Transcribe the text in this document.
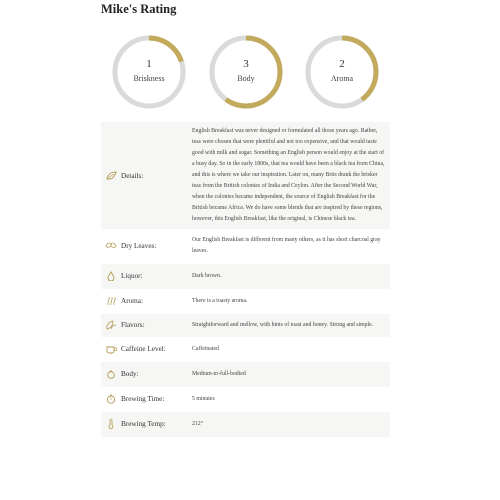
Mike's Rating
1
Briskness
3
Body
2
Aroma
Details:	English Breakfast was never designed or formulated all those years ago. Rather, teas were chosen that were plentiful and not too expensive, and that would taste good with milk and sugar. Something an English person would enjoy at the start of a busy day. So in the early 1800s, that tea would have been a black tea from China, and this is where we take our inspiration. Later on, many Brits drank the brisker teas from the British colonies of India and Ceylon. After the Second World War, when the colonies became independent, the source of English Breakfast for the British became Africa. We do have some blends that are inspired by these regions, however, this English Breakfast, like the original, is Chinese black tea.

Dry Leaves:	Our English Breakfast is different from many others, as it has short charcoal gray leaves.

Liquor:	Dark brown.

Aroma:	There is a toasty aroma.

Flavors:	Straightforward and mellow, with hints of toast and honey. Strong and simple.

Caffeine Level:	Caffeinated

Body:	Medium-to-full-bodied

Brewing Time:	5 minutes

Brewing Temp:	212°
